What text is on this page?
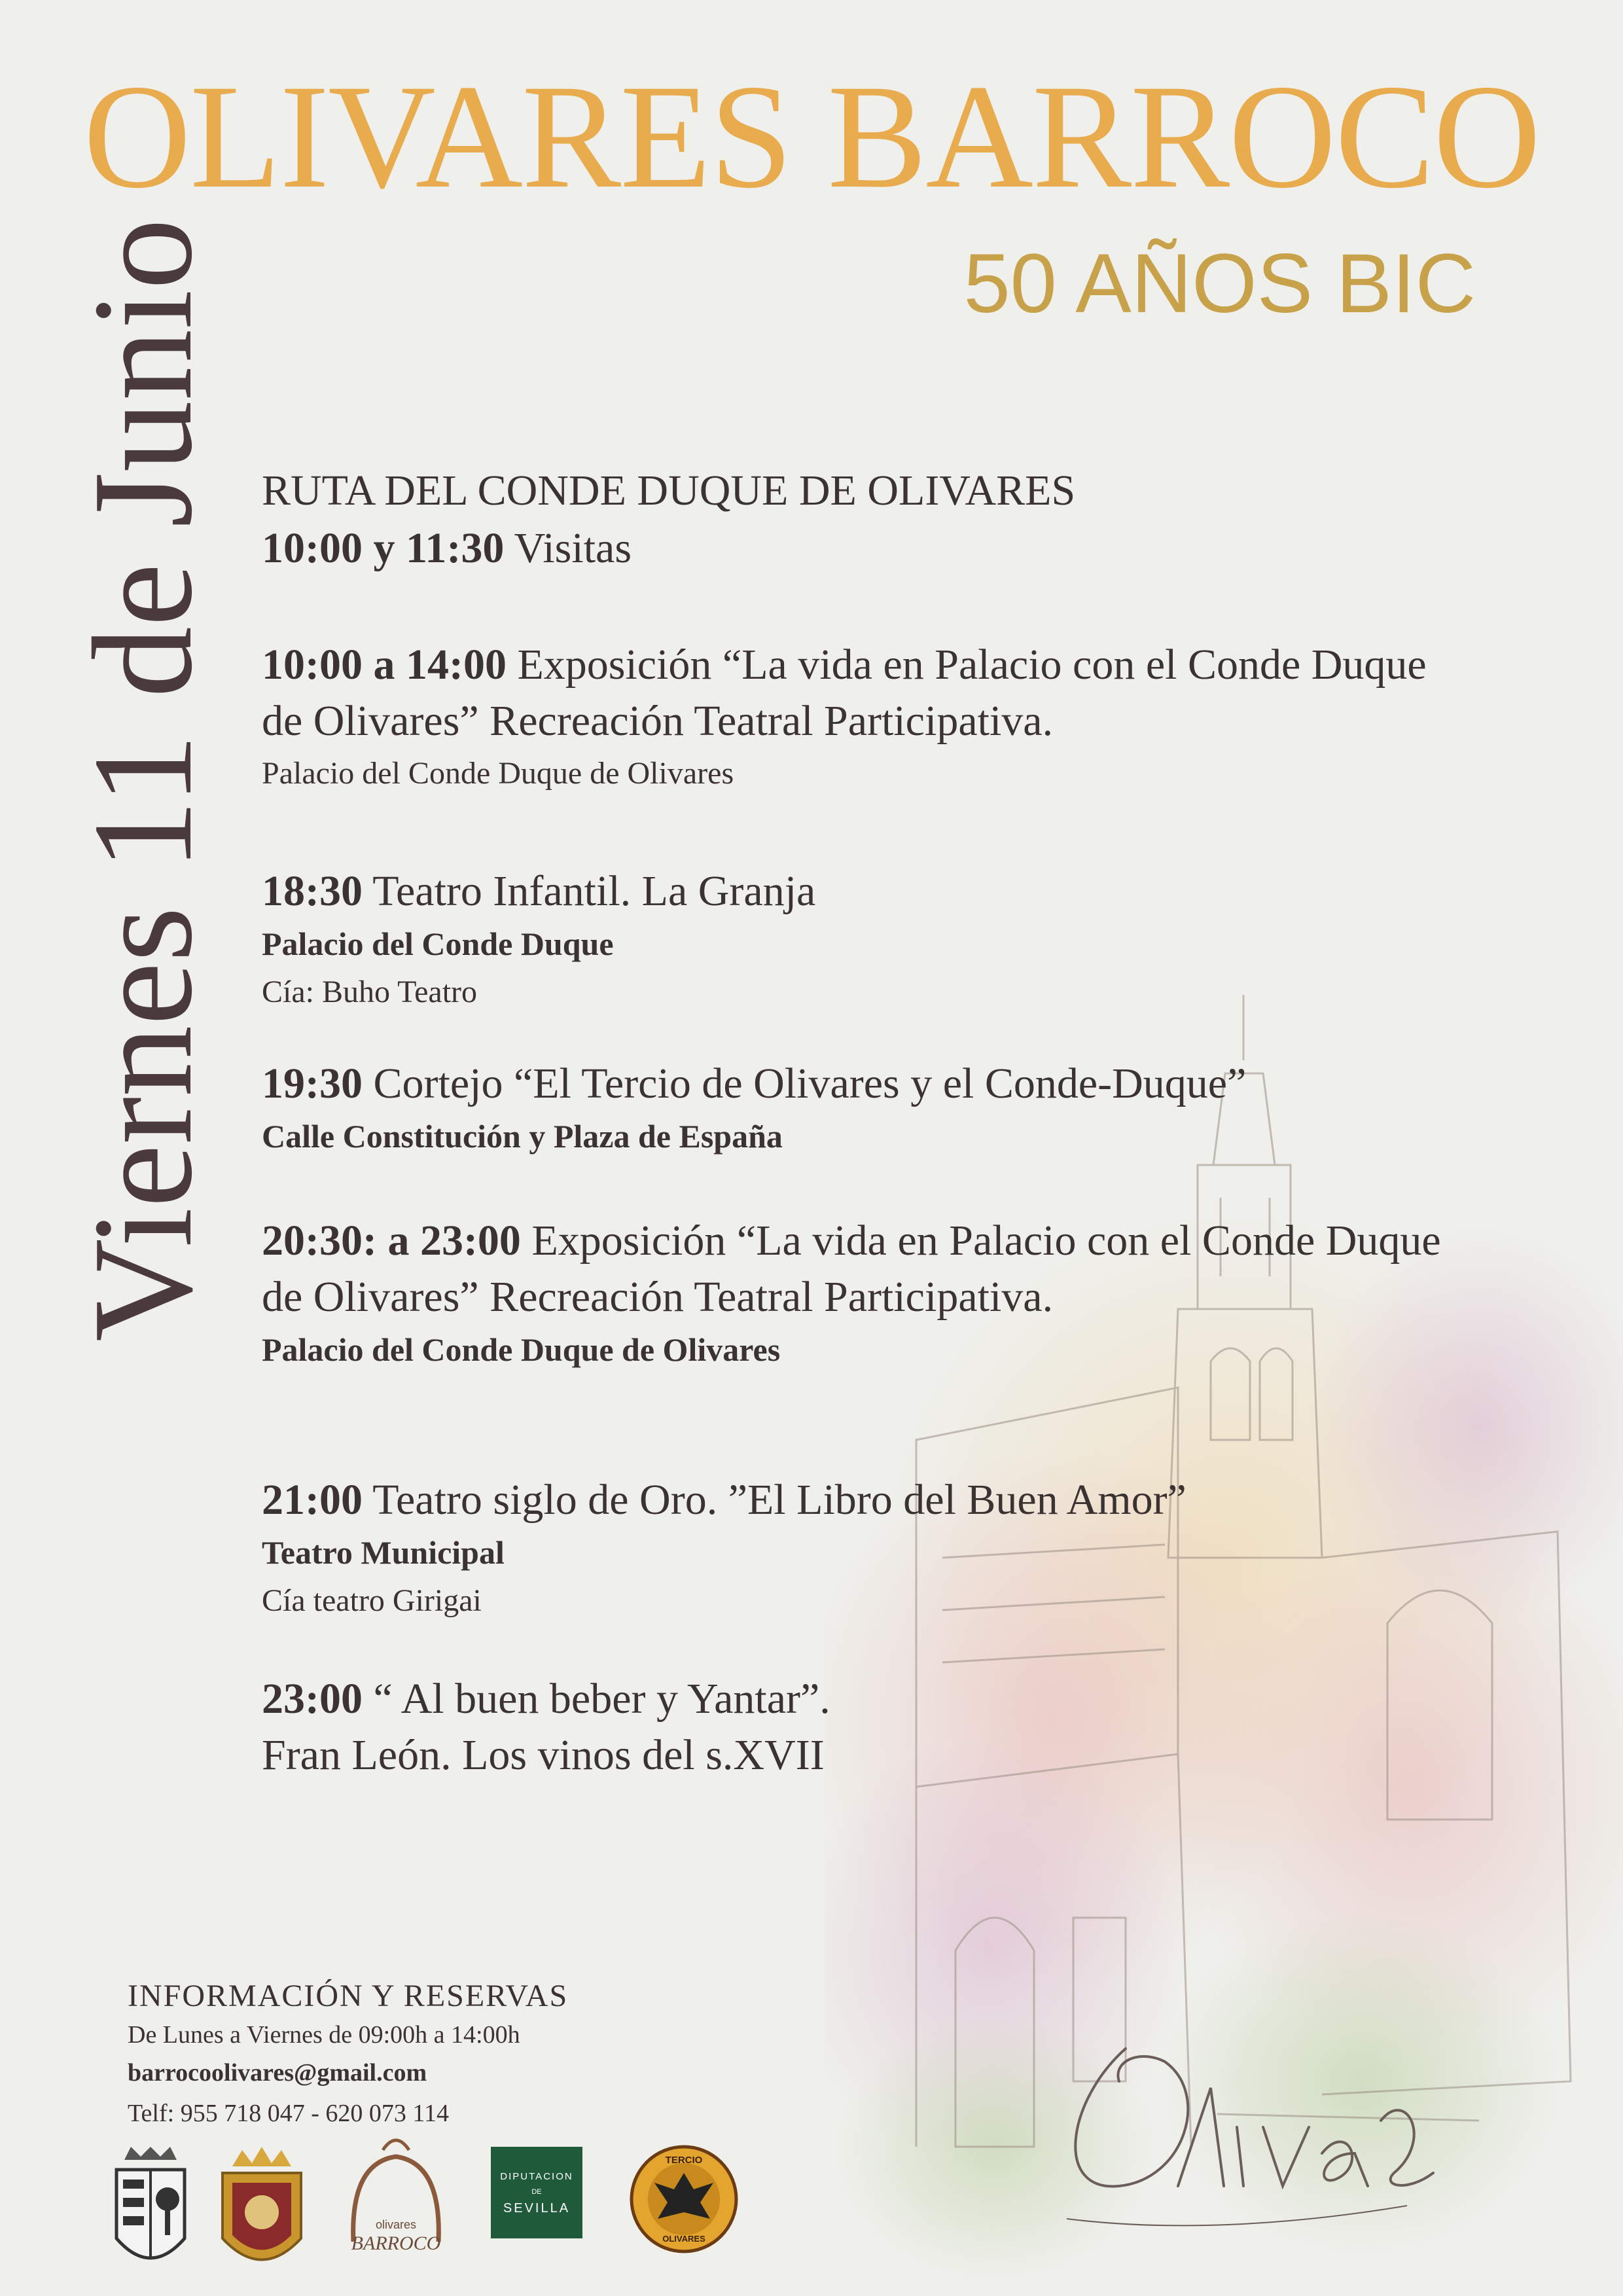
OLIVARES BARROCO
50 AÑOS BIC
Viernes 11 de Junio RUTA DEL CONDE DUQUE DE OLIVARES
10:00 y 11:30 Visitas
10:00 a 14:00 Exposición “La vida en Palacio con el Conde Duque
de Olivares” Recreación Teatral Participativa.
Palacio del Conde Duque de Olivares
18:30 Teatro Infantil. La Granja
Palacio del Conde Duque
Cía: Buho Teatro
19:30 Cortejo “El Tercio de Olivares y el Conde-Duque”
Calle Constitución y Plaza de España
20:30: a 23:00 Exposición “La vida en Palacio con el Conde Duque
de Olivares” Recreación Teatral Participativa.
Palacio del Conde Duque de Olivares
21:00 Teatro siglo de Oro. ”El Libro del Buen Amor”
Teatro Municipal
Cía teatro Girigai
23:00 “ Al buen beber y Yantar”.
Fran León. Los vinos del s.XVII
INFORMACIÓN Y RESERVAS
De Lunes a Viernes de 09:00h a 14:00h
barrocoolivares@gmail.com
Telf: 955 718 047 - 620 073 114
olivares
BARROCO
DIPUTACION
DE
SEVILLA
TERCIO
OLIVARES
